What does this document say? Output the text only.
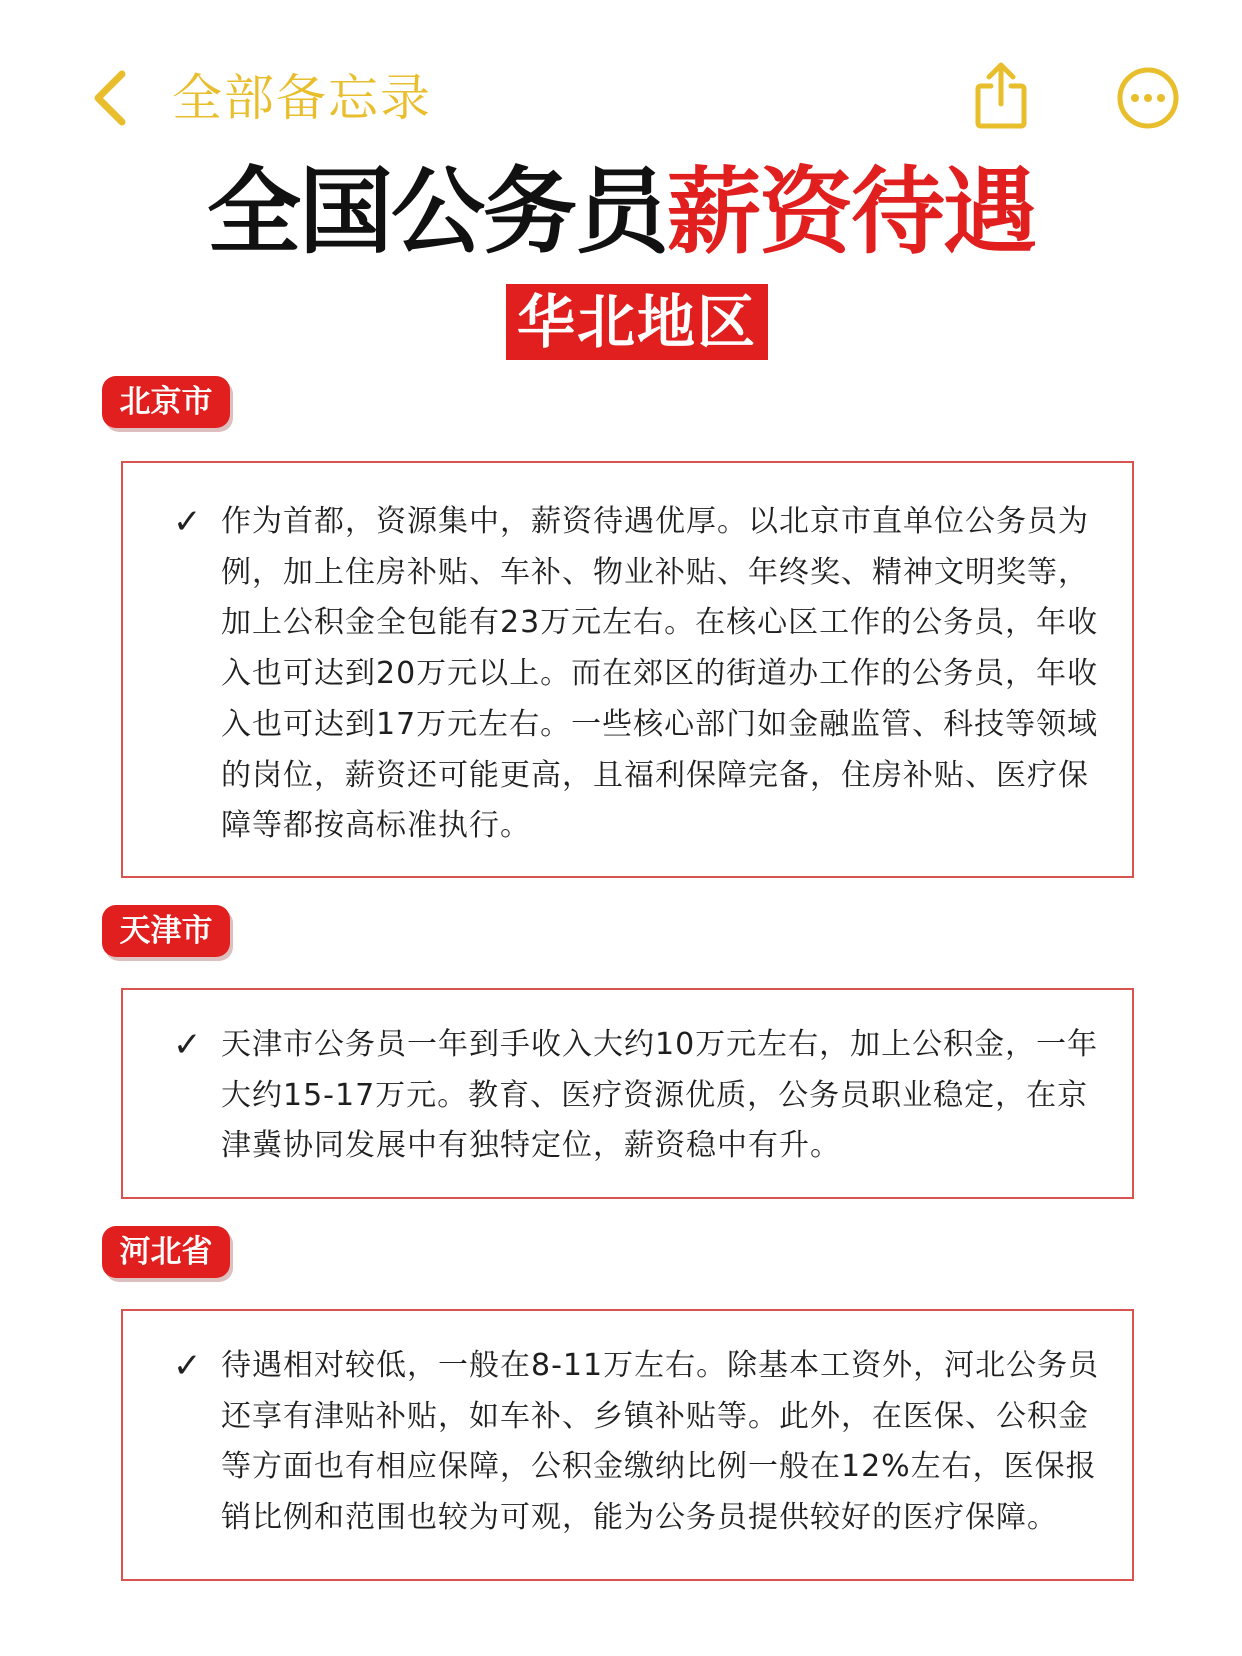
全部备忘录
全国公务员薪资待遇
华北地区
北京市
✓ 作为首都，资源集中，薪资待遇优厚。以北京市直单位公务员为例，加上住房补贴、车补、物业补贴、年终奖、精神文明奖等，加上公积金全包能有23万元左右。在核心区工作的公务员，年收入也可达到20万元以上。而在郊区的街道办工作的公务员，年收入也可达到17万元左右。一些核心部门如金融监管、科技等领域的岗位，薪资还可能更高，且福利保障完备，住房补贴、医疗保障等都按高标准执行。
天津市
✓ 天津市公务员一年到手收入大约10万元左右，加上公积金，一年大约15-17万元。教育、医疗资源优质，公务员职业稳定，在京津冀协同发展中有独特定位，薪资稳中有升。
河北省
✓ 待遇相对较低，一般在8-11万左右。除基本工资外，河北公务员还享有津贴补贴，如车补、乡镇补贴等。此外，在医保、公积金等方面也有相应保障，公积金缴纳比例一般在12%左右，医保报销比例和范围也较为可观，能为公务员提供较好的医疗保障。
